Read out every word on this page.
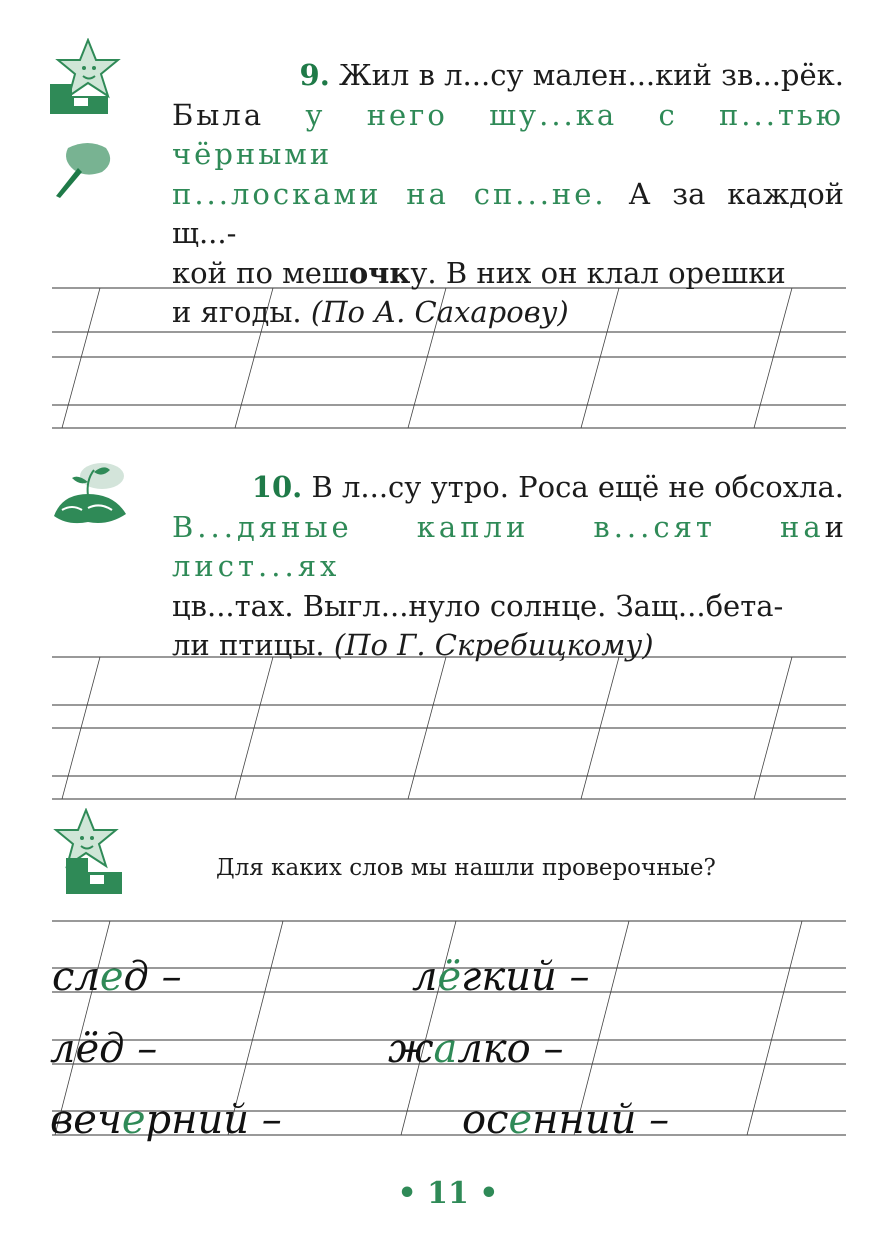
9. Жил в л...су мален...кий зв...рёк.
Была у него шу...ка с п...тью чёрными
п...лосками на сп...не. А за каждой щ...-
кой по мешочку. В них он клал орешки
и ягоды. (По А. Сахарову)
10. В л...су утро. Роса ещё не обсохла.
В...дяные капли в...сят на лист...ях
и
цв...тах. Выгл...нуло солнце. Защ...бета-
ли птицы. (По Г. Скребицкому)

Для каких слов мы нашли проверочные?

след –	лёгкий –
лёд –	жалко –
вечерний –	осенний –
• 11 •
